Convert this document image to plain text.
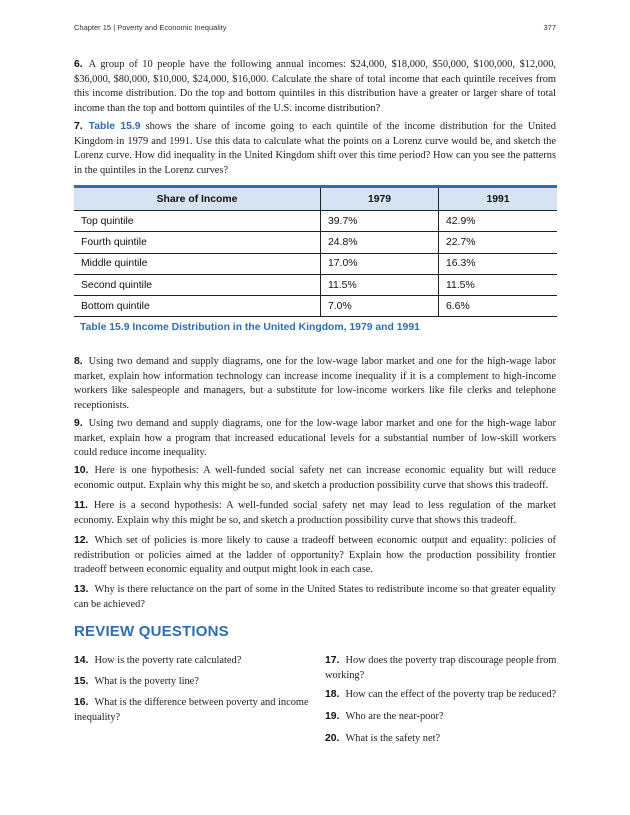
Chapter 15 | Poverty and Economic Inequality	377

6. A group of 10 people have the following annual incomes: $24,000, $18,000, $50,000, $100,000, $12,000, $36,000, $80,000, $10,000, $24,000, $16,000. Calculate the share of total income that each quintile receives from this income distribution. Do the top and bottom quintiles in this distribution have a greater or larger share of total income than the top and bottom quintiles of the U.S. income distribution?

7. Table 15.9 shows the share of income going to each quintile of the income distribution for the United Kingdom in 1979 and 1991. Use this data to calculate what the points on a Lorenz curve would be, and sketch the Lorenz curve. How did inequality in the United Kingdom shift over this time period? How can you see the patterns in the quintiles in the Lorenz curves?

Share of Income	1979	1991
Top quintile	39.7%	42.9%
Fourth quintile	24.8%	22.7%
Middle quintile	17.0%	16.3%
Second quintile	11.5%	11.5%
Bottom quintile	7.0%	6.6%
Table 15.9 Income Distribution in the United Kingdom, 1979 and 1991

8. Using two demand and supply diagrams, one for the low-wage labor market and one for the high-wage labor market, explain how information technology can increase income inequality if it is a complement to high-income workers like salespeople and managers, but a substitute for low-income workers like file clerks and telephone receptionists.

9. Using two demand and supply diagrams, one for the low-wage labor market and one for the high-wage labor market, explain how a program that increased educational levels for a substantial number of low-skill workers could reduce income inequality.

10. Here is one hypothesis: A well-funded social safety net can increase economic equality but will reduce economic output. Explain why this might be so, and sketch a production possibility curve that shows this tradeoff.

11. Here is a second hypothesis: A well-funded social safety net may lead to less regulation of the market economy. Explain why this might be so, and sketch a production possibility curve that shows this tradeoff.

12. Which set of policies is more likely to cause a tradeoff between economic output and equality: policies of redistribution or policies aimed at the ladder of opportunity? Explain how the production possibility frontier tradeoff between economic equality and output might look in each case.

13. Why is there reluctance on the part of some in the United States to redistribute income so that greater equality can be achieved?

REVIEW QUESTIONS

14. How is the poverty rate calculated?

15. What is the poverty line?

16. What is the difference between poverty and income inequality?

17. How does the poverty trap discourage people from working?

18. How can the effect of the poverty trap be reduced?

19. Who are the near-poor?

20. What is the safety net?
